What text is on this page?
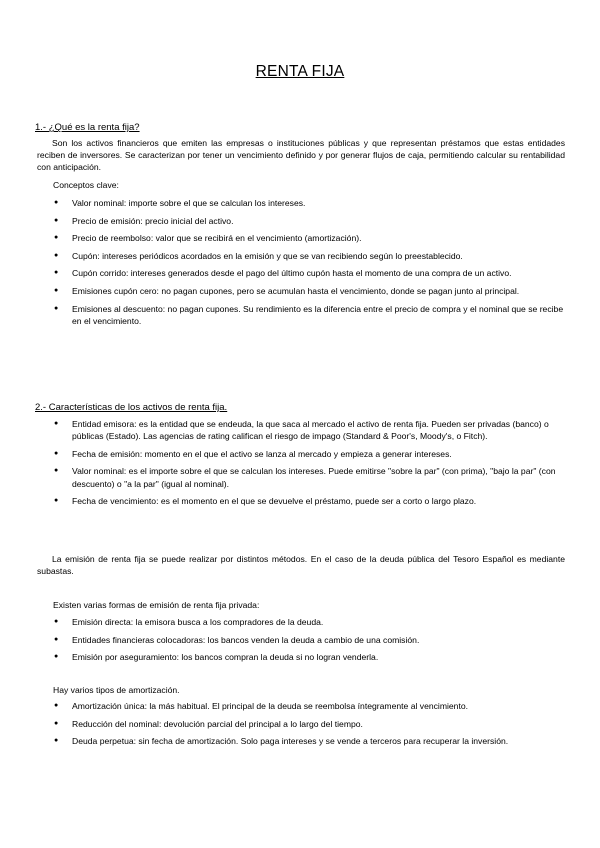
RENTA FIJA
1.- ¿Qué es la renta fija?

Son los activos financieros que emiten las empresas o instituciones públicas y que representan préstamos que estas entidades reciben de inversores. Se caracterizan por tener un vencimiento definido y por generar flujos de caja, permitiendo calcular su rentabilidad con anticipación.

Conceptos clave:

● Valor nominal: importe sobre el que se calculan los intereses.
● Precio de emisión: precio inicial del activo.
● Precio de reembolso: valor que se recibirá en el vencimiento (amortización).
● Cupón: intereses periódicos acordados en la emisión y que se van recibiendo según lo preestablecido.
● Cupón corrido: intereses generados desde el pago del último cupón hasta el momento de una compra de un activo.
● Emisiones cupón cero: no pagan cupones, pero se acumulan hasta el vencimiento, donde se pagan junto al principal.
● Emisiones al descuento: no pagan cupones. Su rendimiento es la diferencia entre el precio de compra y el nominal que se recibe en el vencimiento.
2.- Características de los activos de renta fija.
● Entidad emisora: es la entidad que se endeuda, la que saca al mercado el activo de renta fija. Pueden ser privadas (banco) o públicas (Estado). Las agencias de rating califican el riesgo de impago (Standard & Poor's, Moody's, o Fitch).
● Fecha de emisión: momento en el que el activo se lanza al mercado y empieza a generar intereses.
● Valor nominal: es el importe sobre el que se calculan los intereses. Puede emitirse "sobre la par" (con prima), "bajo la par" (con descuento) o "a la par" (igual al nominal).
● Fecha de vencimiento: es el momento en el que se devuelve el préstamo, puede ser a corto o largo plazo.

La emisión de renta fija se puede realizar por distintos métodos. En el caso de la deuda pública del Tesoro Español es mediante subastas.

Existen varias formas de emisión de renta fija privada:

● Emisión directa: la emisora busca a los compradores de la deuda.
● Entidades financieras colocadoras: los bancos venden la deuda a cambio de una comisión.
● Emisión por aseguramiento: los bancos compran la deuda si no logran venderla.

Hay varios tipos de amortización.

● Amortización única: la más habitual. El principal de la deuda se reembolsa íntegramente al vencimiento.
● Reducción del nominal: devolución parcial del principal a lo largo del tiempo.
● Deuda perpetua: sin fecha de amortización. Solo paga intereses y se vende a terceros para recuperar la inversión.
